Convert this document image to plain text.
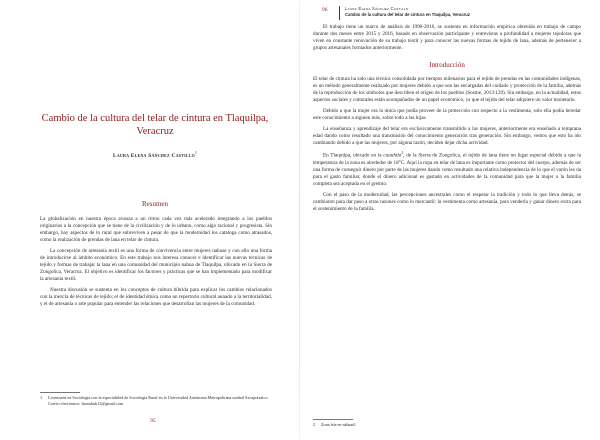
Cambio de la cultura del telar de cintura en Tlaquilpa, Veracruz
Laura Elena Sánchez Castillo$^1$
Resumen

La globalización en nuestra época avanza a un ritmo cada vez más acelerado integrando a los pueblos originarios a la concepción que se tiene de la civilización y de lo urbano, como algo racional y progresista. Sin embargo, hay aspectos de lo rural que sobreviven a pesar de que la modernidad los cataloga como atrasados, como la realización de prendas de lana en telar de cintura.

La concepción de artesanía textil es una forma de convivencia entre mujeres nahuas y con ello una forma de introducirse al ámbito económico. En este trabajo nos interesa conocer e identificar las nuevas técnicas de tejido y formas de trabajar la lana en una comunidad del municipio nahua de Tlaquilpa, ubicado en la Sierra de Zongolica, Veracruz. El objetivo es identificar los factores y prácticas que se han implementado para modificar la artesanía textil.

Nuestra discusión se sustenta en los conceptos de cultura híbrida para explicar los cambios relacionados con la mezcla de técnicas de tejido; el de identidad étnica como un repertorio cultural aunado a la territorialidad, y el de artesanía o arte popular para entender las relaciones que desarrollan las mujeres de la comunidad.

1	Licenciada en Sociología con la especialidad de Sociología Rural en la Universidad Autónoma Metropolitana unidad Azcapotzalco. Correo electrónico: lauradark12@gmail.com
95
96	Laura Elena Sánchez Castillo
Cambio de la cultura del telar de cintura en Tlaquilpa, Veracruz

El trabajo tiene un marco de análisis de 1990-2016, se sustenta en información empírica obtenida en trabajo de campo durante dos meses entre 2015 y 2016, basado en observación participante y entrevistas a profundidad a mujeres tejedoras que viven en constante renovación de su trabajo textil y para conocer las nuevas formas de tejido de lana, además de pertenecer a grupos artesanales formados anteriormente.

Introducción

El telar de cintura ha sido una técnica consolidada por tiempos milenarios para el tejido de prendas en las comunidades indígenas, es un método generalmente realizado por mujeres debido a que son las encargadas del cuidado y protección de la familia, además de la reproducción de los símbolos que describen el origen de los pueblos (Sosme, 2013:139). Sin embargo, en la actualidad, estos aspectos sociales y culturales están acompañados de un papel económico, ya que el tejido del telar adquiere un valor monetario.

Debido a que la mujer era la única que podía proveer de la protección con respecto a la vestimenta, solo ella podía heredar este conocimiento a alguien más, sobre todo a las hijas.

La enseñanza y aprendizaje del telar era exclusivamente transmitido a las mujeres, anteriormente era enseñado a temprana edad dando como resultado una transmisión del conocimiento generación tras generación. Sin embargo, vemos que esto ha ido cambiando debido a que las mujeres, por alguna razón, deciden dejar dicha actividad.

En Tlaquilpa, ubicado en la cuauhtla$^2$, de la Sierra de Zongolica, el tejido de lana tiene un lugar especial debido a que la temperatura de la zona es alrededor de 18°C. Aquí la ropa en telar de lana es importante como protector del cuerpo, además de ser una forma de conseguir dinero por parte de las mujeres dando como resultado una relativa independencia de lo que el varón les da para el gasto familiar, donde el dinero adicional es gastado en actividades de la comunidad para que la mujer o la familia completa sea aceptada en el gremio.

Con el paso de la modernidad, las percepciones ancestrales como el respetar la tradición y todo lo que lleva detrás, se cambiaron para dar paso a otras razones como lo mercantil: la vestimenta como artesanía, para venderla y ganar dinero extra para el sostenimiento de la familia.

2	Zona fría en náhuatl.
